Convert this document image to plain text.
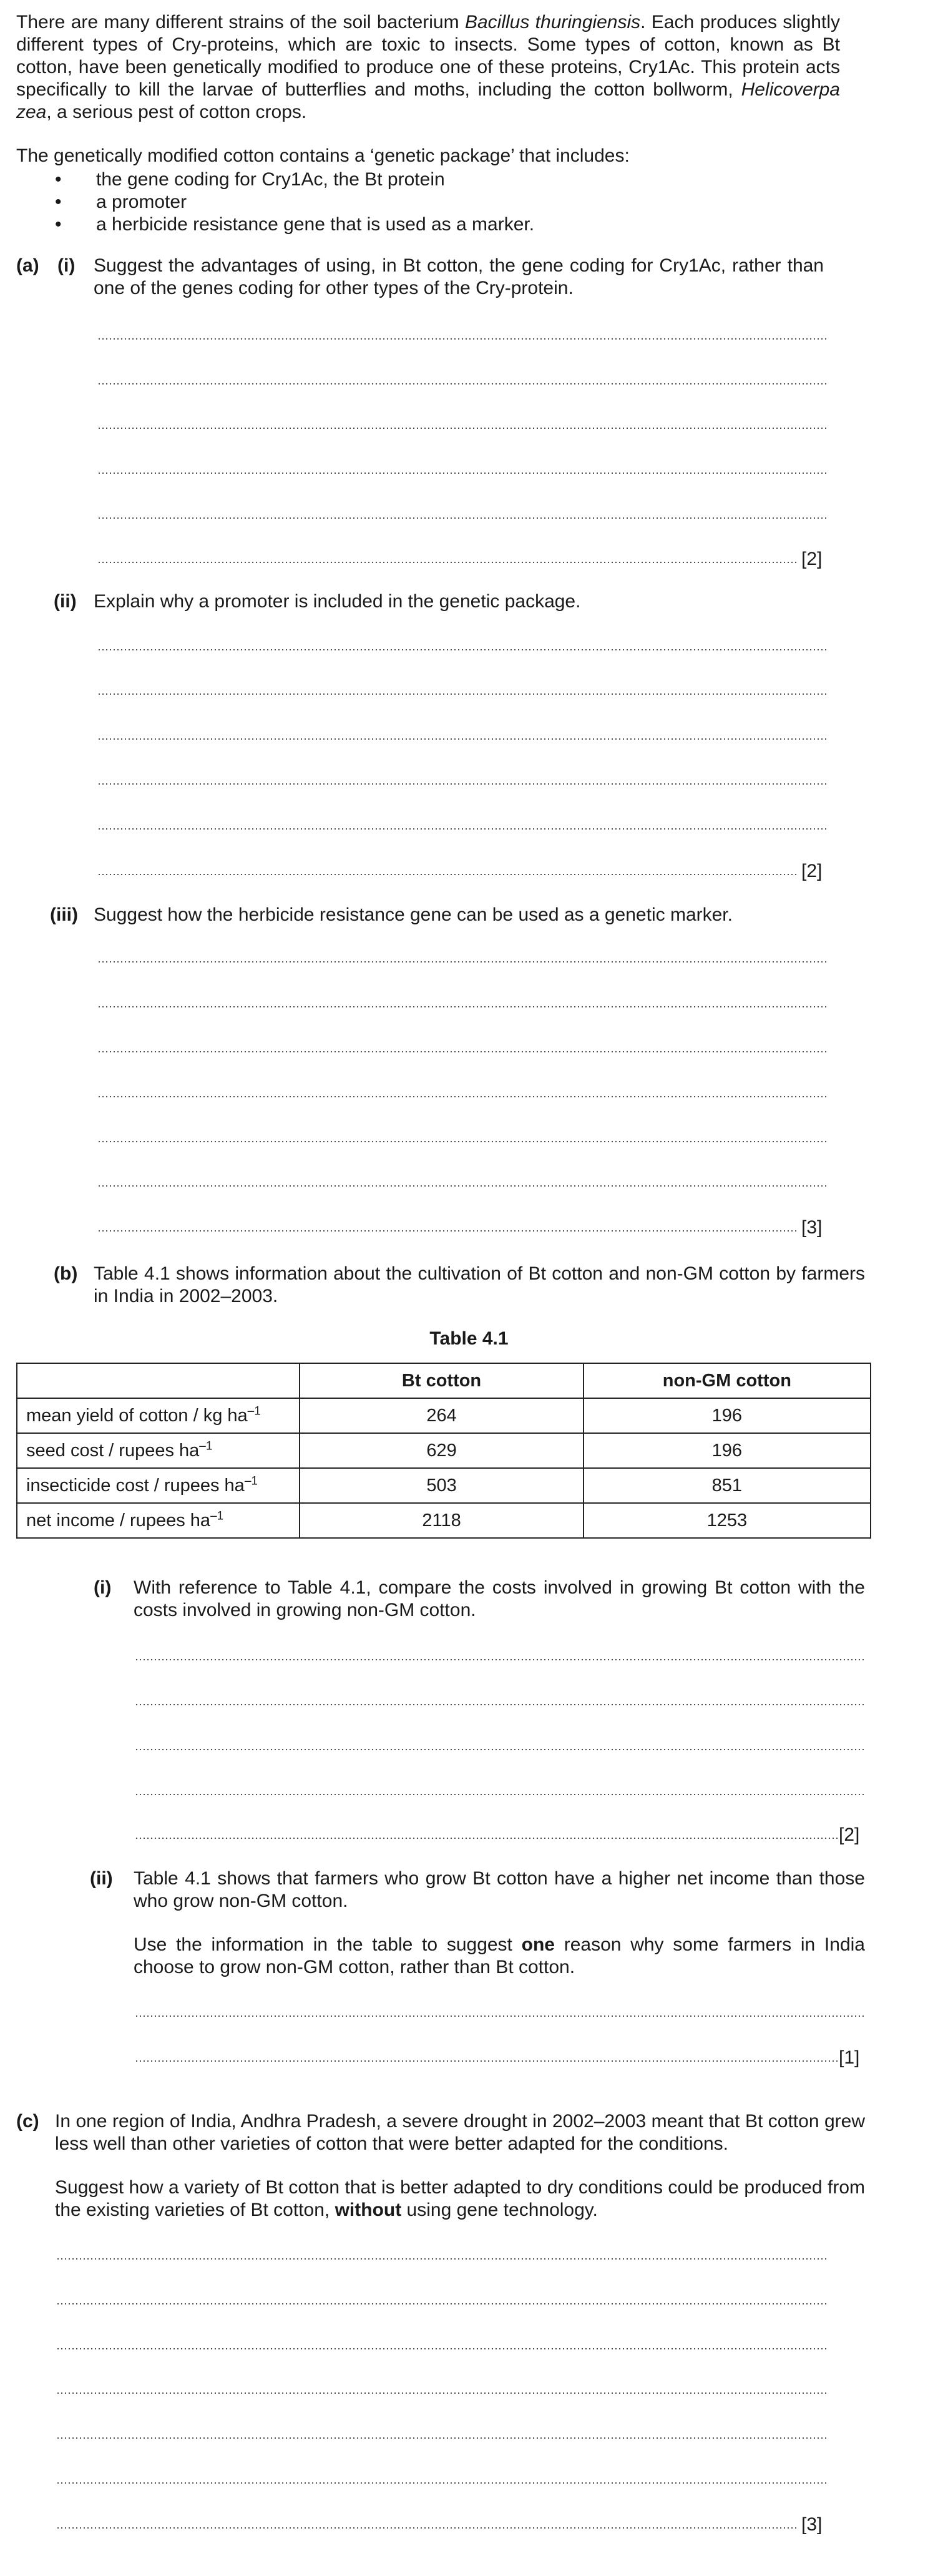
There are many different strains of the soil bacterium Bacillus thuringiensis. Each produces slightly different types of Cry-proteins, which are toxic to insects. Some types of cotton, known as Bt cotton, have been genetically modified to produce one of these proteins, Cry1Ac. This protein acts specifically to kill the larvae of butterflies and moths, including the cotton bollworm, Helicoverpa zea, a serious pest of cotton crops.

The genetically modified cotton contains a ‘genetic package’ that includes:

• the gene coding for Cry1Ac, the Bt protein
• a promoter
• a herbicide resistance gene that is used as a marker.
(a) (i) Suggest the advantages of using, in Bt cotton, the gene coding for Cry1Ac, rather than one of the genes coding for other types of the Cry-protein.

[2]
(ii) Explain why a promoter is included in the genetic package.

[2]
(iii) Suggest how the herbicide resistance gene can be used as a genetic marker.

[3]
(b) Table 4.1 shows information about the cultivation of Bt cotton and non-GM cotton by farmers in India in 2002–2003.

Table 4.1
	Bt cotton	non-GM cotton
mean yield of cotton / kg $ha^{-1}$	264	196
seed cost / rupees $ha^{-1}$	629	196
insecticide cost / rupees $ha^{-1}$	503	851
net income / rupees $ha^{-1}$	2118	1253
(i) With reference to Table 4.1, compare the costs involved in growing Bt cotton with the costs involved in growing non-GM cotton.

[2]
(ii) Table 4.1 shows that farmers who grow Bt cotton have a higher net income than those who grow non-GM cotton.

Use the information in the table to suggest one reason why some farmers in India choose to grow non-GM cotton, rather than Bt cotton.

[1]
(c) In one region of India, Andhra Pradesh, a severe drought in 2002–2003 meant that Bt cotton grew less well than other varieties of cotton that were better adapted for the conditions.

Suggest how a variety of Bt cotton that is better adapted to dry conditions could be produced from the existing varieties of Bt cotton, without using gene technology.

[3]
